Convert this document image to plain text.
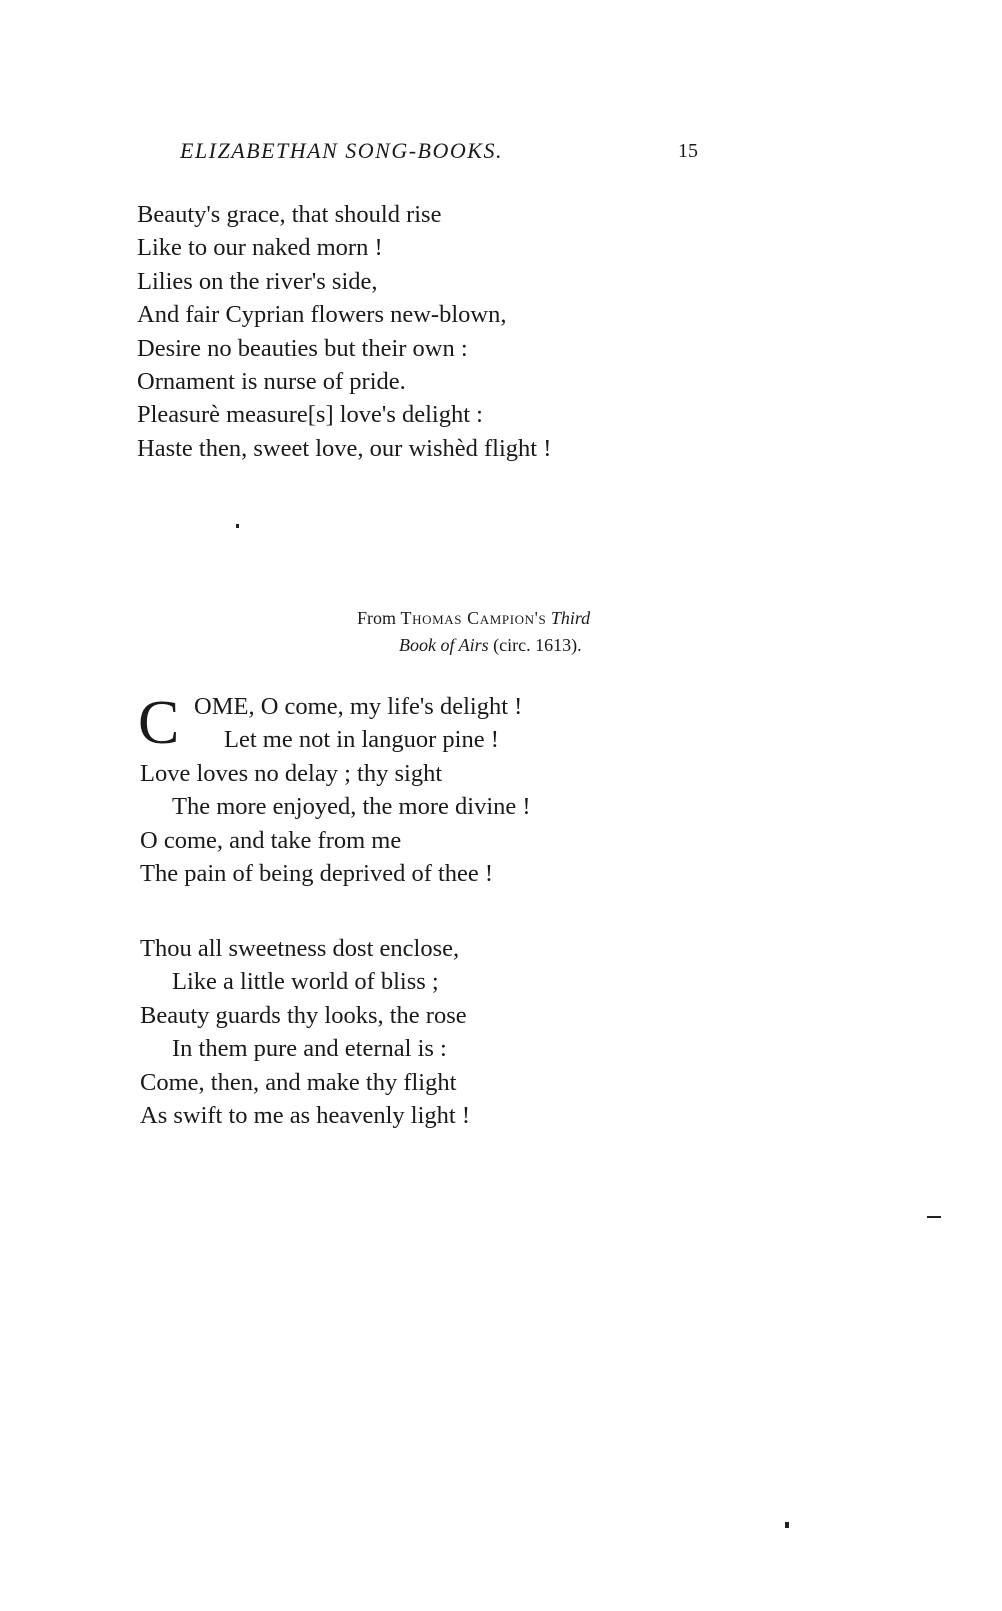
ELIZABETHAN SONG-BOOKS.	15
Beauty's grace, that should rise
Like to our naked morn !
Lilies on the river's side,
And fair Cyprian flowers new-blown,
Desire no beauties but their own :
Ornament is nurse of pride.
Pleasurè measure[s] love's delight :
Haste then, sweet love, our wishèd flight !

From Thomas Campion's Third
Book of Airs (circ. 1613).

C OME, O come, my life's delight !
Let me not in languor pine !
Love loves no delay ; thy sight
The more enjoyed, the more divine !
O come, and take from me
The pain of being deprived of thee !
Thou all sweetness dost enclose,
Like a little world of bliss ;
Beauty guards thy looks, the rose
In them pure and eternal is :
Come, then, and make thy flight
As swift to me as heavenly light !
